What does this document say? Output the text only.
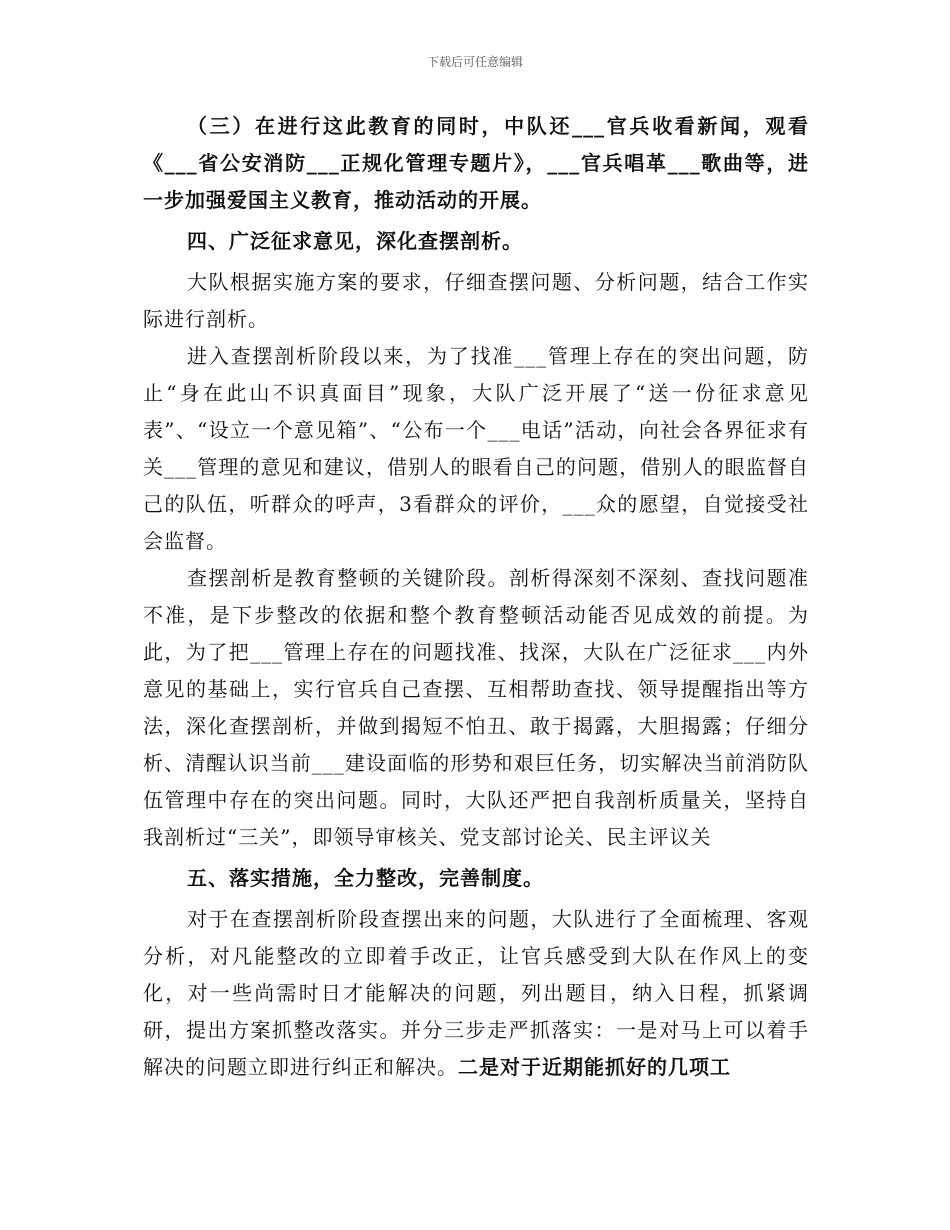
下载后可任意编辑

（三）在进行这此教育的同时，中队还___官兵收看新闻，观看《___省公安消防___正规化管理专题片》，___官兵唱革___歌曲等，进一步加强爱国主义教育，推动活动的开展。

四、广泛征求意见，深化查摆剖析。

大队根据实施方案的要求，仔细查摆问题、分析问题，结合工作实际进行剖析。

进入查摆剖析阶段以来，为了找准___管理上存在的突出问题，防止“身在此山不识真面目”现象，大队广泛开展了“送一份征求意见表”、“设立一个意见箱”、“公布一个___电话”活动，向社会各界征求有关___管理的意见和建议，借别人的眼看自己的问题，借别人的眼监督自己的队伍，听群众的呼声，3看群众的评价，___众的愿望，自觉接受社会监督。

查摆剖析是教育整顿的关键阶段。剖析得深刻不深刻、查找问题准不准，是下步整改的依据和整个教育整顿活动能否见成效的前提。为此，为了把___管理上存在的问题找准、找深，大队在广泛征求___内外意见的基础上，实行官兵自己查摆、互相帮助查找、领导提醒指出等方法，深化查摆剖析，并做到揭短不怕丑、敢于揭露，大胆揭露；仔细分析、清醒认识当前___建设面临的形势和艰巨任务，切实解决当前消防队伍管理中存在的突出问题。同时，大队还严把自我剖析质量关，坚持自我剖析过“三关”，即领导审核关、党支部讨论关、民主评议关

五、落实措施，全力整改，完善制度。

对于在查摆剖析阶段查摆出来的问题，大队进行了全面梳理、客观分析，对凡能整改的立即着手改正，让官兵感受到大队在作风上的变化，对一些尚需时日才能解决的问题，列出题目，纳入日程，抓紧调研，提出方案抓整改落实。并分三步走严抓落实：一是对马上可以着手解决的问题立即进行纠正和解决。二是对于近期能抓好的几项工
